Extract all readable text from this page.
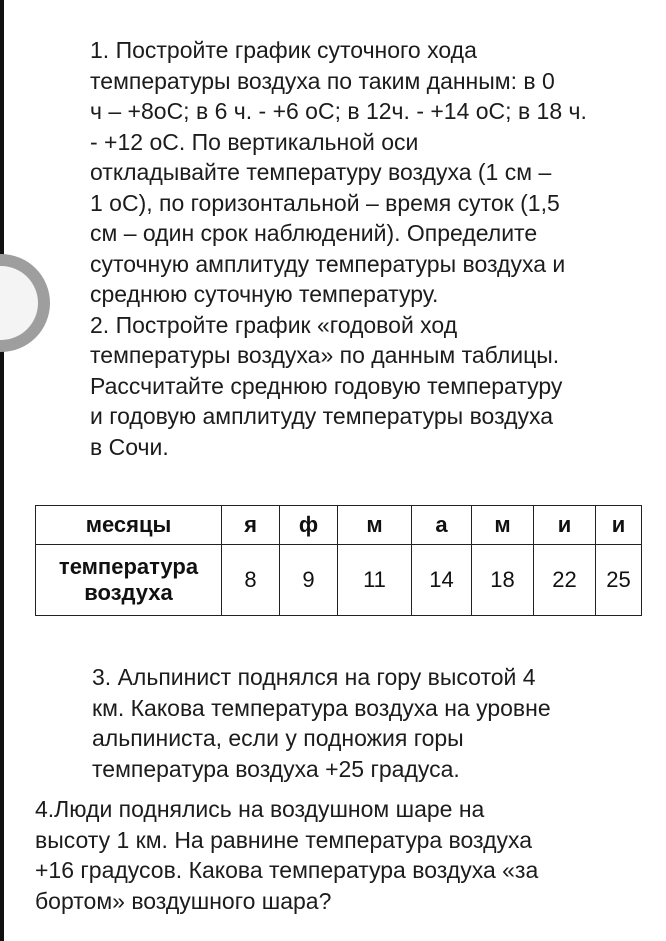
1. Постройте график суточного хода
температуры воздуха по таким данным: в 0
ч – +8oC; в 6 ч. - +6 oC; в 12ч. - +14 oC; в 18 ч.
- +12 oC. По вертикальной оси
откладывайте температуру воздуха (1 см –
1 oC), по горизонтальной – время суток (1,5
см – один срок наблюдений). Определите
суточную амплитуду температуры воздуха и
среднюю суточную температуру.
2. Постройте график «годовой ход
температуры воздуха» по данным таблицы.
Рассчитайте среднюю годовую температуру
и годовую амплитуду температуры воздуха
в Сочи.

месяцы	я	ф	м	а	м	и	и
температура
воздуха	8	9	11	14	18	22	25

3. Альпинист поднялся на гору высотой 4
км. Какова температура воздуха на уровне
альпиниста, если у подножия горы
температура воздуха +25 градуса.

4.Люди поднялись на воздушном шаре на
высоту 1 км. На равнине температура воздуха
+16 градусов. Какова температура воздуха «за
бортом» воздушного шара?
